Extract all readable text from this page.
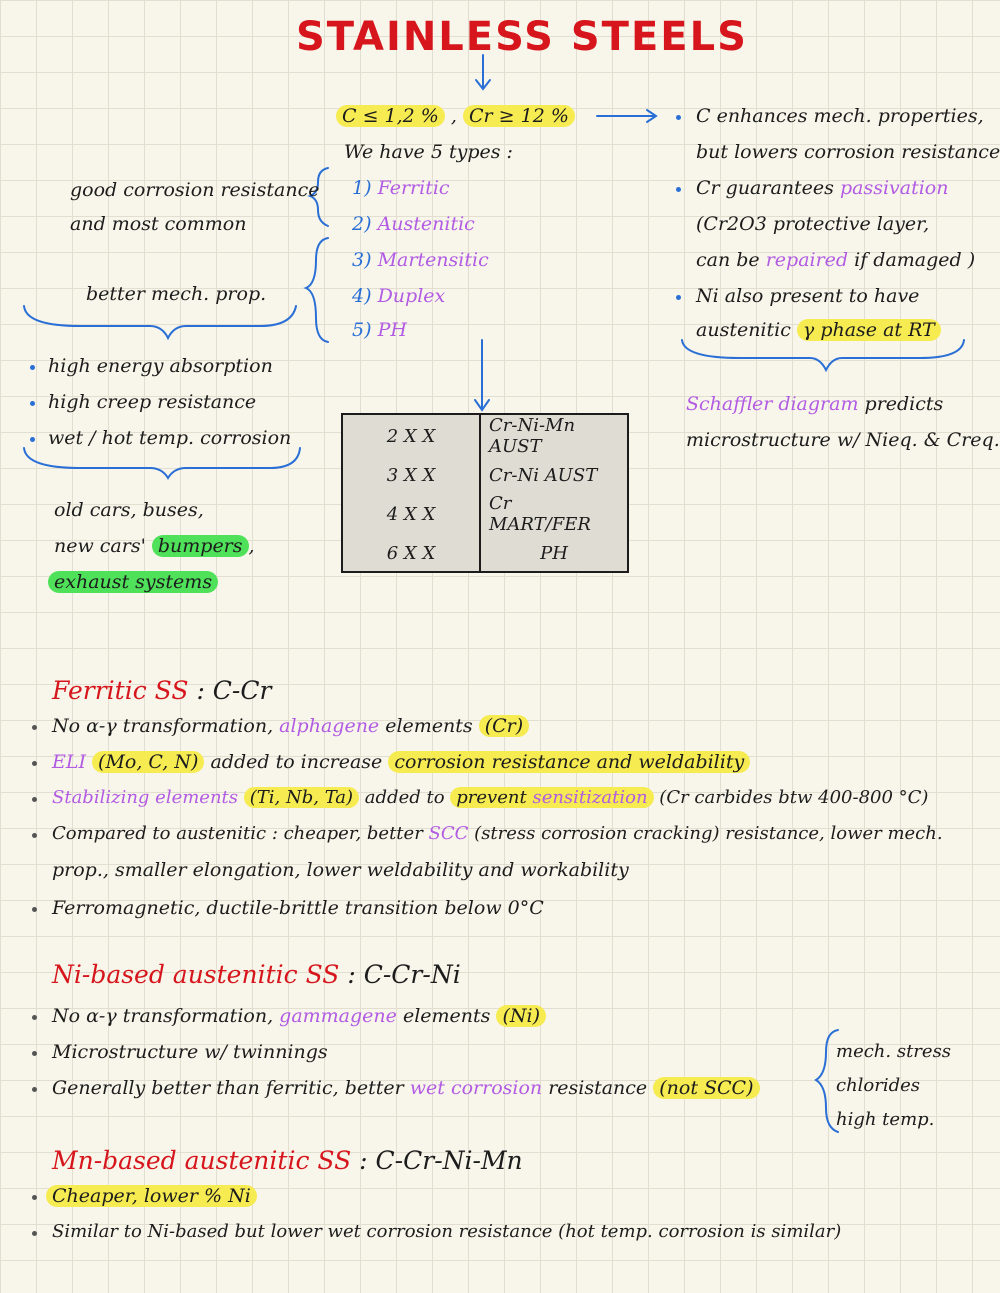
STAINLESS STEELS
C ≤ 1,2 % , Cr ≥ 12 %
We have 5 types :
1) Ferritic
2) Austenitic
3) Martensitic
4) Duplex
5) PH
good corrosion resistance
and most common
better mech. prop.
high energy absorption
high creep resistance
wet / hot temp. corrosion
old cars, buses,
new cars' bumpers ,
exhaust systems
2 X X	Cr-Ni-Mn AUST
3 X X	Cr-Ni AUST
4 X X	Cr MART/FER
6 X X	PH
C enhances mech. properties,
but lowers corrosion resistance
Cr guarantees passivation
(Cr2O3 protective layer,
can be repaired if damaged )
Ni also present to have
austenitic γ phase at RT
Schaffler diagram predicts
microstructure w/ Nieq. & Creq.
Ferritic SS : C-Cr
No α-γ transformation, alphagene elements (Cr)
ELI (Mo, C, N) added to increase corrosion resistance and weldability
Stabilizing elements (Ti, Nb, Ta) added to prevent sensitization (Cr carbides btw 400-800 °C)
Compared to austenitic : cheaper, better SCC (stress corrosion cracking) resistance, lower mech.
prop., smaller elongation, lower weldability and workability
Ferromagnetic, ductile-brittle transition below 0°C
Ni-based austenitic SS : C-Cr-Ni
No α-γ transformation, gammagene elements (Ni)
Microstructure w/ twinnings
Generally better than ferritic, better wet corrosion resistance (not SCC)
mech. stress
chlorides
high temp.
Mn-based austenitic SS : C-Cr-Ni-Mn
Cheaper, lower % Ni
Similar to Ni-based but lower wet corrosion resistance (hot temp. corrosion is similar)
